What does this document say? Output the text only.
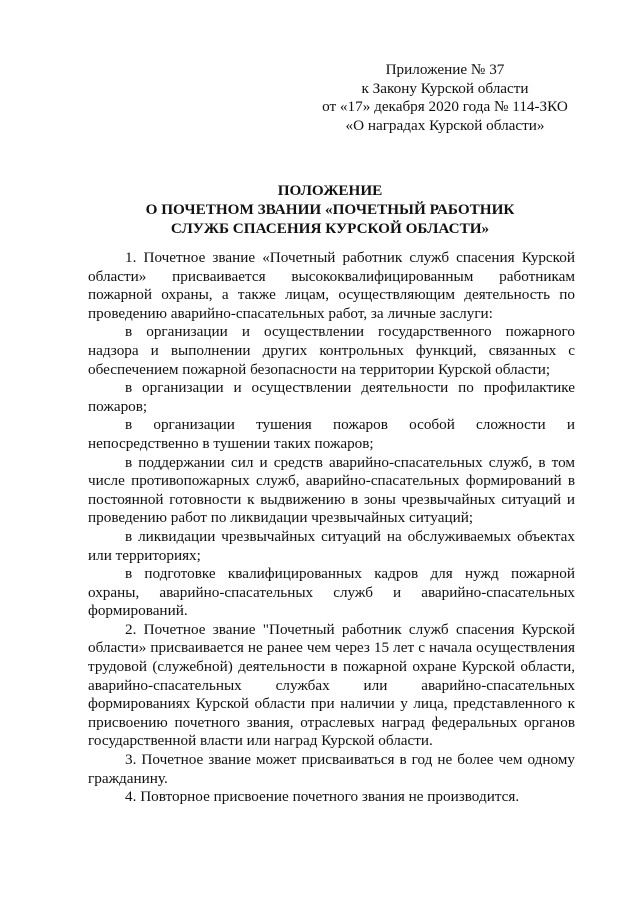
Приложение № 37
к Закону Курской области
от «17» декабря 2020 года № 114-ЗКО
«О наградах Курской области»
ПОЛОЖЕНИЕ
О ПОЧЕТНОМ ЗВАНИИ «ПОЧЕТНЫЙ РАБОТНИК
СЛУЖБ СПАСЕНИЯ КУРСКОЙ ОБЛАСТИ»

1. Почетное звание «Почетный работник служб спасения Курской области» присваивается высококвалифицированным работникам пожарной охраны, а также лицам, осуществляющим деятельность по проведению аварийно-спасательных работ, за личные заслуги:

в организации и осуществлении государственного пожарного надзора и выполнении других контрольных функций, связанных с обеспечением пожарной безопасности на территории Курской области;

в организации и осуществлении деятельности по профилактике пожаров;

в организации тушения пожаров особой сложности и непосредственно в тушении таких пожаров;

в поддержании сил и средств аварийно-спасательных служб, в том числе противопожарных служб, аварийно-спасательных формирований в постоянной готовности к выдвижению в зоны чрезвычайных ситуаций и проведению работ по ликвидации чрезвычайных ситуаций;

в ликвидации чрезвычайных ситуаций на обслуживаемых объектах или территориях;

в подготовке квалифицированных кадров для нужд пожарной охраны, аварийно-спасательных служб и аварийно-спасательных формирований.

2. Почетное звание "Почетный работник служб спасения Курской области» присваивается не ранее чем через 15 лет с начала осуществления трудовой (служебной) деятельности в пожарной охране Курской области, аварийно-спасательных службах или аварийно-спасательных формированиях Курской области при наличии у лица, представленного к присвоению почетного звания, отраслевых наград федеральных органов государственной власти или наград Курской области.

3. Почетное звание может присваиваться в год не более чем одному гражданину.

4. Повторное присвоение почетного звания не производится.
